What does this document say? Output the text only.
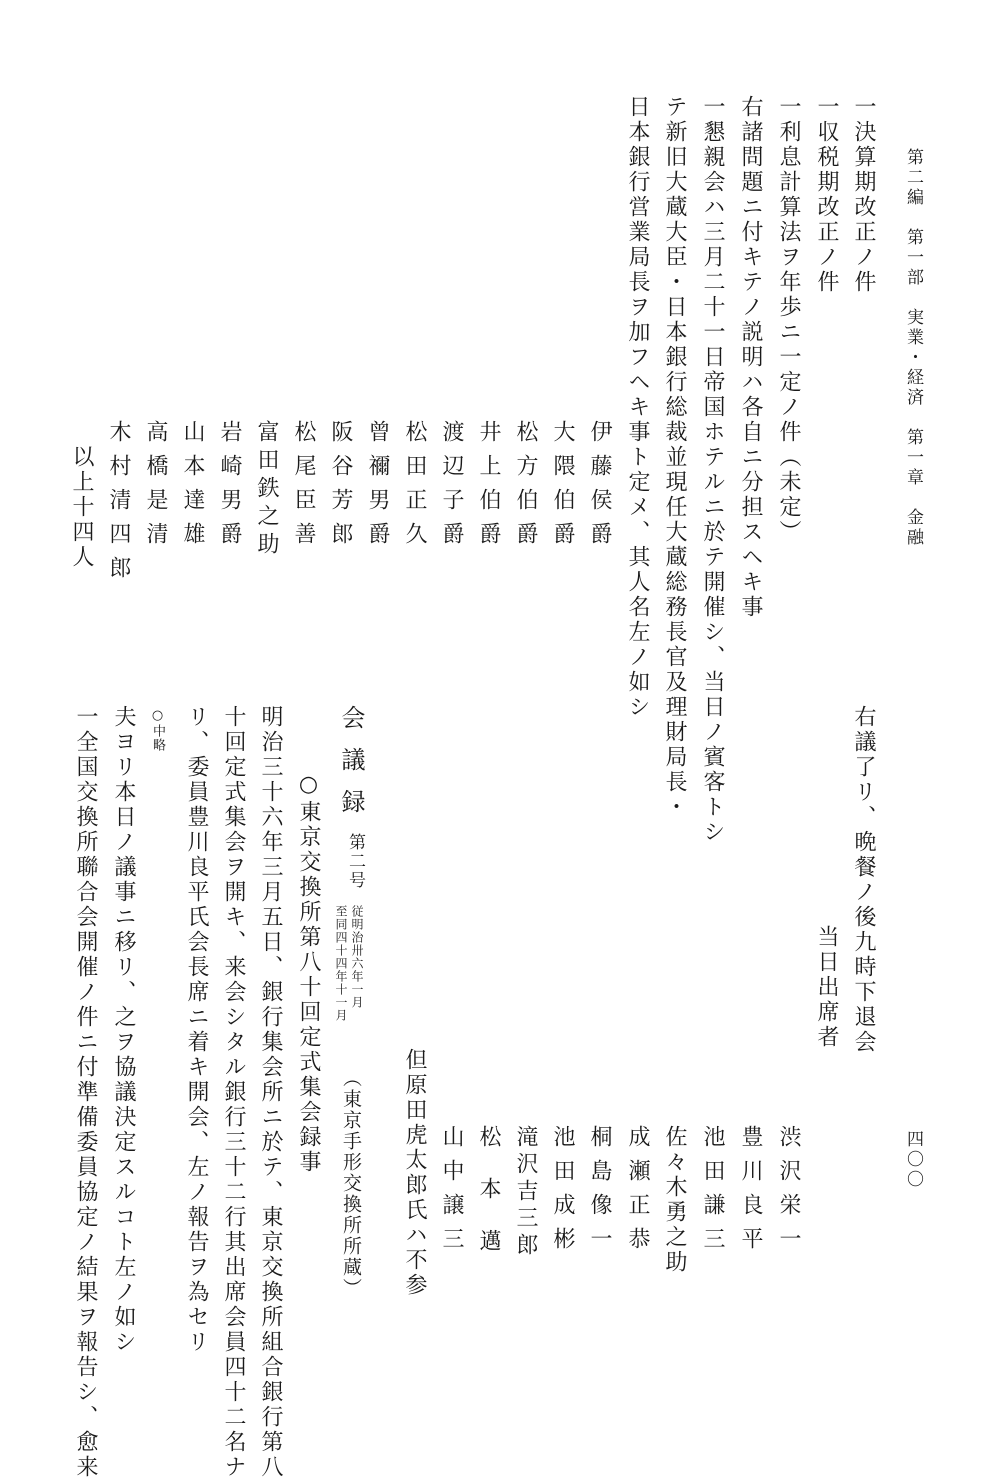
第二編　第一部　実業・経済　第一章　金融
四〇〇
一決算期改正ノ件
一収税期改正ノ件
一利息計算法ヲ年歩ニ一定ノ件（未定）
右諸問題ニ付キテノ説明ハ各自ニ分担スヘキ事
一懇親会ハ三月二十一日帝国ホテルニ於テ開催シ、当日ノ賓客トシ
テ新旧大蔵大臣・日本銀行総裁並現任大蔵総務長官及理財局長・
日本銀行営業局長ヲ加フヘキ事ト定メ、其人名左ノ如シ
伊藤侯爵
大隈伯爵
松方伯爵
井上伯爵
渡辺子爵
松田正久
曾禰男爵
阪谷芳郎
松尾臣善
富田鉄之助
岩崎男爵
山本達雄
高橋是清
木村清四郎
以上十四人
右議了リ、晩餐ノ後九時下退会
当日出席者
渋沢栄一
豊川良平
池田謙三
佐々木勇之助
成瀬正恭
桐島像一
池田成彬
滝沢吉三郎
松本邁
山中譲三
但原田虎太郎氏ハ不参
会議録
第二号
従明治卅六年一月
至同四十四年十一月
（東京手形交換所所蔵）
○東京交換所第八十回定式集会録事
明治三十六年三月五日、銀行集会所ニ於テ、東京交換所組合銀行第八
十回定式集会ヲ開キ、来会シタル銀行三十二行其出席会員四十二名ナ
リ、委員豊川良平氏会長席ニ着キ開会、左ノ報告ヲ為セリ
○中略
夫ヨリ本日ノ議事ニ移リ、之ヲ協議決定スルコト左ノ如シ
一全国交換所聯合会開催ノ件ニ付準備委員協定ノ結果ヲ報告シ、愈来
